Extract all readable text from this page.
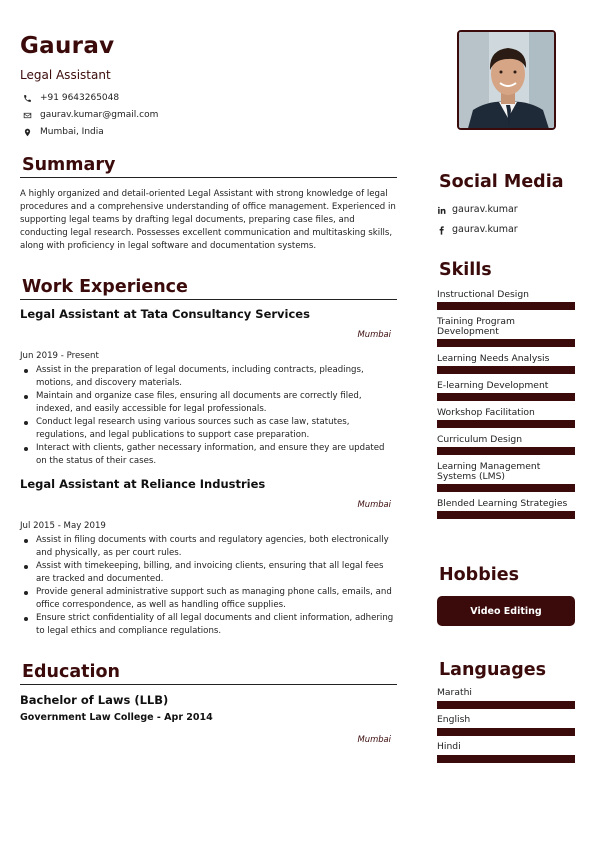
Gaurav
Legal Assistant
+91 9643265048
gaurav.kumar@gmail.com
Mumbai, India
Summary
A highly organized and detail-oriented Legal Assistant with strong knowledge of legal procedures and a comprehensive understanding of office management. Experienced in supporting legal teams by drafting legal documents, preparing case files, and conducting legal research. Possesses excellent communication and multitasking skills, along with proficiency in legal software and documentation systems.
Work Experience
Legal Assistant at Tata Consultancy Services
Mumbai
Jun 2019 - Present
Assist in the preparation of legal documents, including contracts, pleadings, motions, and discovery materials.
Maintain and organize case files, ensuring all documents are correctly filed, indexed, and easily accessible for legal professionals.
Conduct legal research using various sources such as case law, statutes, regulations, and legal publications to support case preparation.
Interact with clients, gather necessary information, and ensure they are updated on the status of their cases.
Legal Assistant at Reliance Industries
Mumbai
Jul 2015 - May 2019
Assist in filing documents with courts and regulatory agencies, both electronically and physically, as per court rules.
Assist with timekeeping, billing, and invoicing clients, ensuring that all legal fees are tracked and documented.
Provide general administrative support such as managing phone calls, emails, and office correspondence, as well as handling office supplies.
Ensure strict confidentiality of all legal documents and client information, adhering to legal ethics and compliance regulations.
Education
Bachelor of Laws (LLB)
Government Law College - Apr 2014
Mumbai
Social Media
gaurav.kumar
gaurav.kumar
Skills
Instructional Design
Training Program Development
Learning Needs Analysis
E-learning Development
Workshop Facilitation
Curriculum Design
Learning Management Systems (LMS)
Blended Learning Strategies
Hobbies
Video Editing
Languages
Marathi
English
Hindi
